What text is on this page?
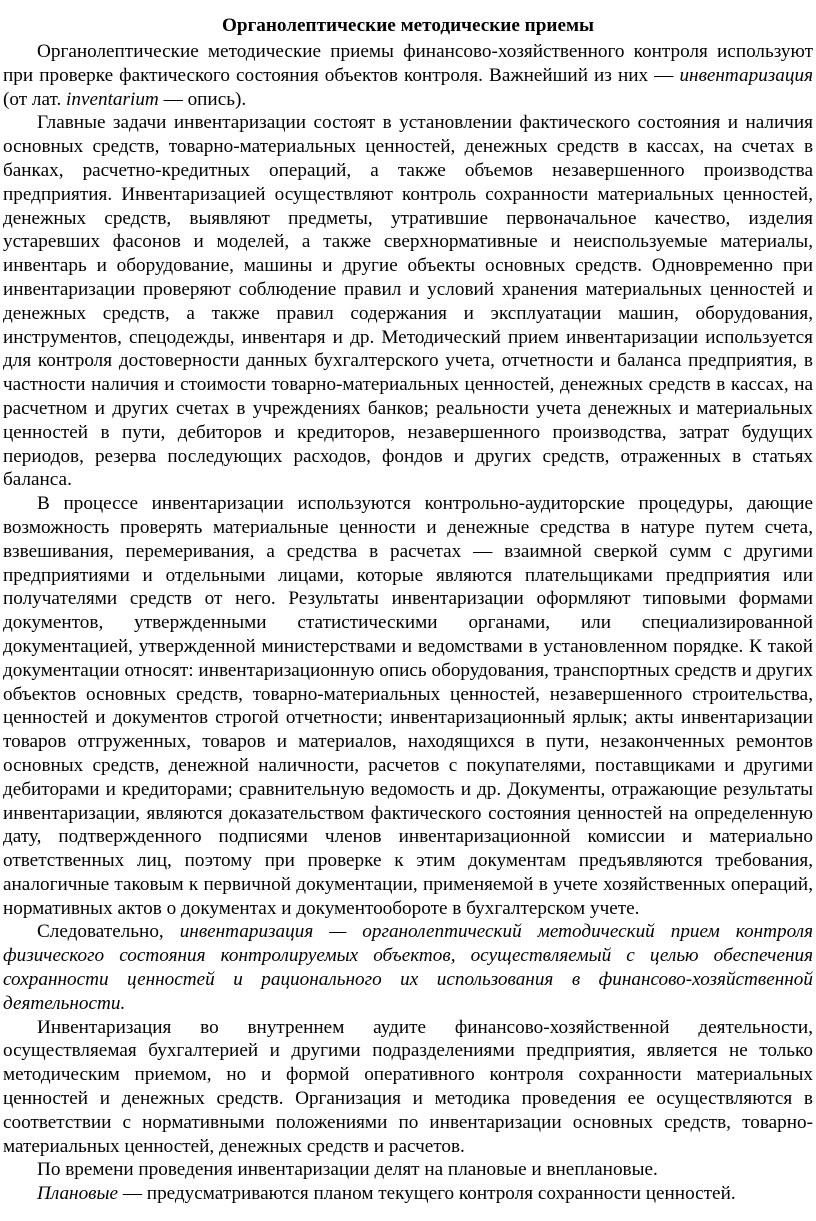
Органолептические методические приемы

Органолептические методические приемы финансово-хозяйственного контроля используют при проверке фактического состояния объектов контроля. Важнейший из них — инвентаризация (от лат. inventarium — опись).

Главные задачи инвентаризации состоят в установлении фактического состояния и наличия основных средств, товарно-материальных ценностей, денежных средств в кассах, на счетах в банках, расчетно-кредитных операций, а также объемов незавершенного производства предприятия. Инвентаризацией осуществляют контроль сохранности материальных ценностей, денежных средств, выявляют предметы, утратившие первоначальное качество, изделия устаревших фасонов и моделей, а также сверхнормативные и неиспользуемые материалы, инвентарь и оборудование, машины и другие объекты основных средств. Одновременно при инвентаризации проверяют соблюдение правил и условий хранения материальных ценностей и денежных средств, а также правил содержания и эксплуатации машин, оборудования, инструментов, спецодежды, инвентаря и др. Методический прием инвентаризации используется для контроля достоверности данных бухгалтерского учета, отчетности и баланса предприятия, в частности наличия и стоимости товарно-материальных ценностей, денежных средств в кассах, на расчетном и других счетах в учреждениях банков; реальности учета денежных и материальных ценностей в пути, дебиторов и кредиторов, незавершенного производства, затрат будущих периодов, резерва последующих расходов, фондов и других средств, отраженных в статьях баланса.

В процессе инвентаризации используются контрольно-аудиторские процедуры, дающие возможность проверять материальные ценности и денежные средства в натуре путем счета, взвешивания, перемеривания, а средства в расчетах — взаимной сверкой сумм с другими предприятиями и отдельными лицами, которые являются плательщиками предприятия или получателями средств от него. Результаты инвентаризации оформляют типовыми формами документов, утвержденными статистическими органами, или специализированной документацией, утвержденной министерствами и ведомствами в установленном порядке. К такой документации относят: инвентаризационную опись оборудования, транспортных средств и других объектов основных средств, товарно-материальных ценностей, незавершенного строительства, ценностей и документов строгой отчетности; инвентаризационный ярлык; акты инвентаризации товаров отгруженных, товаров и материалов, находящихся в пути, незаконченных ремонтов основных средств, денежной наличности, расчетов с покупателями, поставщиками и другими дебиторами и кредиторами; сравнительную ведомость и др. Документы, отражающие результаты инвентаризации, являются доказательством фактического состояния ценностей на определенную дату, подтвержденного подписями членов инвентаризационной комиссии и материально ответственных лиц, поэтому при проверке к этим документам предъявляются требования, аналогичные таковым к первичной документации, применяемой в учете хозяйственных операций, нормативных актов о документах и документообороте в бухгалтерском учете.

Следовательно, инвентаризация — органолептический методический прием контроля физического состояния контролируемых объектов, осуществляемый с целью обеспечения сохранности ценностей и рационального их использования в финансово-хозяйственной деятельности.

Инвентаризация во внутреннем аудите финансово-хозяйственной деятельности, осуществляемая бухгалтерией и другими подразделениями предприятия, является не только методическим приемом, но и формой оперативного контроля сохранности материальных ценностей и денежных средств. Организация и методика проведения ее осуществляются в соответствии с нормативными положениями по инвентаризации основных средств, товарно-материальных ценностей, денежных средств и расчетов.

По времени проведения инвентаризации делят на плановые и внеплановые.

Плановые — предусматриваются планом текущего контроля сохранности ценностей.
